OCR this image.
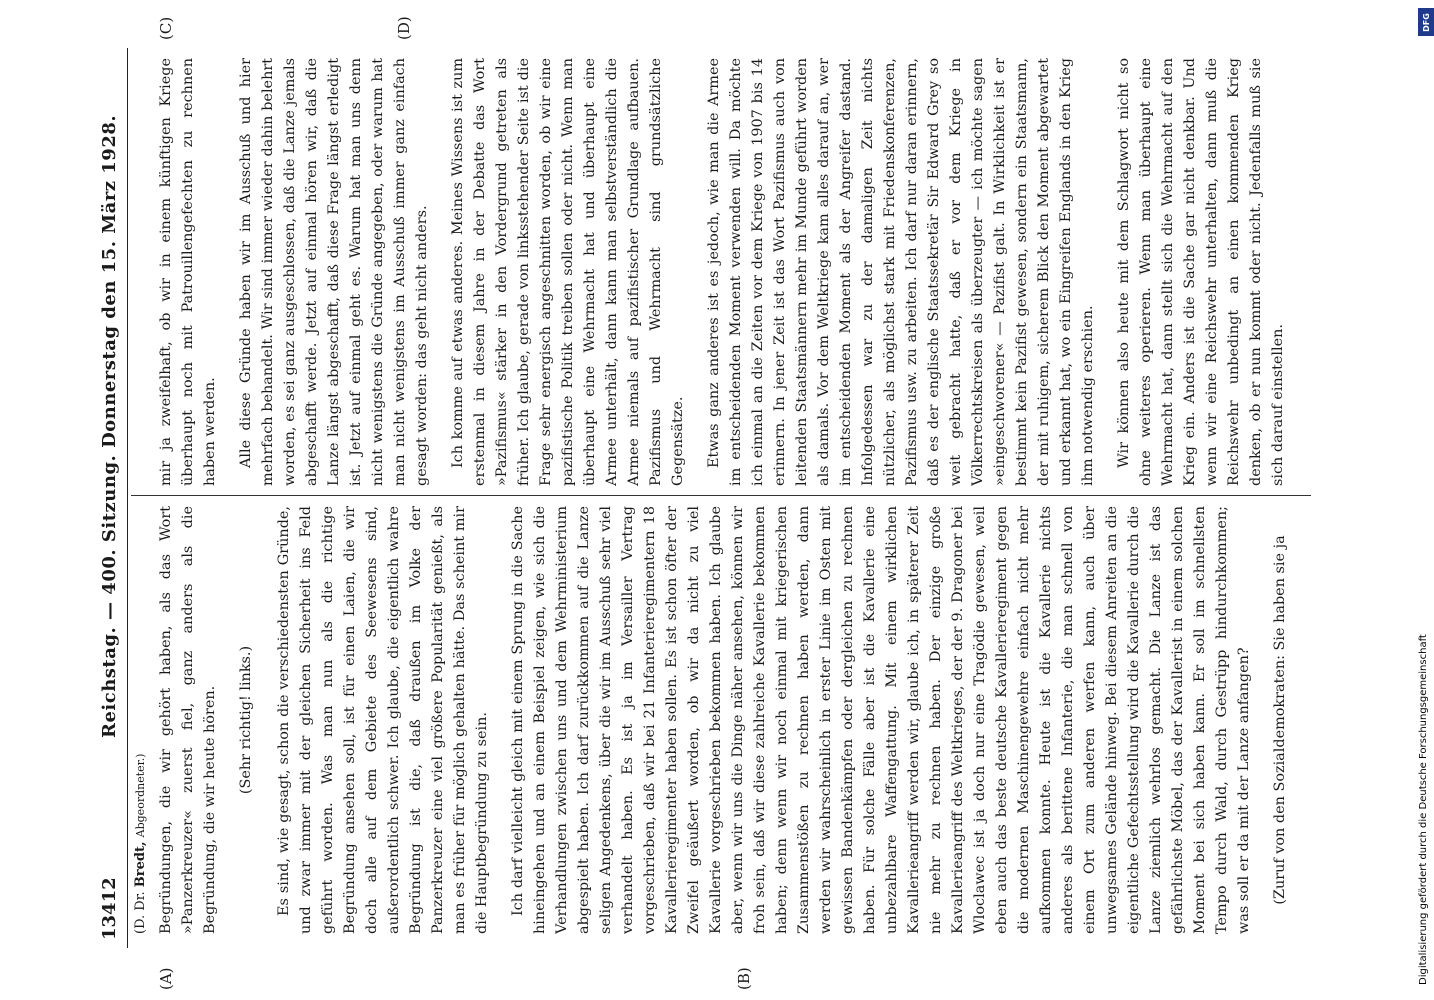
13412
Reichstag. — 400. Sitzung. Donnerstag den 15. März 1928.
(D. Dr. Bredt, Abgeordneter.)
(A)	(B)
(C)	(D)

Begründungen, die wir gehört haben, als das Wort »Panzerkreuzer« zuerst fiel, ganz anders als die Begründung, die wir heute hören. (Sehr richtig! links.) Es sind, wie gesagt, schon die verschiedensten Gründe, und zwar immer mit der gleichen Sicherheit ins Feld geführt worden. Was man nun als die richtige Begründung ansehen soll, ist für einen Laien, die wir doch alle auf dem Gebiete des Seewesens sind, außerordentlich schwer. Ich glaube, die eigentlich wahre Begründung ist die, daß draußen im Volke der Panzerkreuzer eine viel größere Popularität genießt, als man es früher für möglich gehalten hätte. Das scheint mir die Hauptbegründung zu sein. Ich darf vielleicht gleich mit einem Sprung in die Sache hineingehen und an einem Beispiel zeigen, wie sich die Verhandlungen zwischen uns und dem Wehrministerium abgespielt haben. Ich darf zurückkommen auf die Lanze seligen Angedenkens, über die wir im Ausschuß sehr viel verhandelt haben. Es ist ja im Versailler Vertrag vorgeschrieben, daß wir bei 21 Infanterieregimentern 18 Kavallerieregimenter haben sollen. Es ist schon öfter der Zweifel geäußert worden, ob wir da nicht zu viel Kavallerie vorgeschrieben bekommen haben. Ich glaube aber, wenn wir uns die Dinge näher ansehen, können wir froh sein, daß wir diese zahlreiche Kavallerie bekommen haben; denn wenn wir noch einmal mit kriegerischen Zusammenstößen zu rechnen haben werden, dann werden wir wahrscheinlich in erster Linie im Osten mit gewissen Bandenkämpfen oder dergleichen zu rechnen haben. Für solche Fälle aber ist die Kavallerie eine unbezahlbare Waffengattung. Mit einem wirklichen Kavallerieangriff werden wir, glaube ich, in späterer Zeit nie mehr zu rechnen haben. Der einzige große Kavallerieangriff des Weltkrieges, der der 9. Dragoner bei Wloclawec ist ja doch nur eine Tragödie gewesen, weil eben auch das beste deutsche Kavallerieregiment gegen die modernen Maschinengewehre einfach nicht mehr aufkommen konnte. Heute ist die Kavallerie nichts anderes als berittene Infanterie, die man schnell von einem Ort zum anderen werfen kann, auch über unwegsames Gelände hinweg. Bei diesem Anreiten an die eigentliche Gefechtsstellung wird die Kavallerie durch die Lanze ziemlich wehrlos gemacht. Die Lanze ist das gefährlichste Möbel, das der Kavallerist in einem solchen Moment bei sich haben kann. Er soll im schnellsten Tempo durch Wald, durch Gestrüpp hindurchkommen; was soll er da mit der Lanze anfangen? (Zuruf von den Sozialdemokraten: Sie haben sie ja

mir ja zweifelhaft, ob wir in einem künftigen Kriege überhaupt noch mit Patrouillengefechten zu rechnen haben werden. Alle diese Gründe haben wir im Ausschuß und hier mehrfach behandelt. Wir sind immer wieder dahin belehrt worden, es sei ganz ausgeschlossen, daß die Lanze jemals abgeschafft werde. Jetzt auf einmal hören wir, daß die Lanze längst abgeschafft, daß diese Frage längst erledigt ist. Jetzt auf einmal geht es. Warum hat man uns denn nicht wenigstens die Gründe angegeben, oder warum hat man nicht wenigstens im Ausschuß immer ganz einfach gesagt worden: das geht nicht anders. Ich komme auf etwas anderes. Meines Wissens ist zum erstenmal in diesem Jahre in der Debatte das Wort »Pazifismus« stärker in den Vordergrund getreten als früher. Ich glaube, gerade von linksstehender Seite ist die Frage sehr energisch angeschnitten worden, ob wir eine pazifistische Politik treiben sollen oder nicht. Wenn man überhaupt eine Wehrmacht hat und überhaupt eine Armee unterhält, dann kann man selbstverständlich die Armee niemals auf pazifistischer Grundlage aufbauen. Pazifismus und Wehrmacht sind grundsätzliche Gegensätze. Etwas ganz anderes ist es jedoch, wie man die Armee im entscheidenden Moment verwenden will. Da möchte ich einmal an die Zeiten vor dem Kriege von 1907 bis 14 erinnern. In jener Zeit ist das Wort Pazifismus auch von leitenden Staatsmännern mehr im Munde geführt worden als damals. Vor dem Weltkriege kam alles darauf an, wer im entscheidenden Moment als der Angreifer dastand. Infolgedessen war zu der damaligen Zeit nichts nützlicher, als möglichst stark mit Friedenskonferenzen, Pazifismus usw. zu arbeiten. Ich darf nur daran erinnern, daß es der englische Staatssekretär Sir Edward Grey so weit gebracht hatte, daß er vor dem Kriege in Völkerrechtskreisen als überzeugter — ich möchte sagen »eingeschworener« — Pazifist galt. In Wirklichkeit ist er bestimmt kein Pazifist gewesen, sondern ein Staatsmann, der mit ruhigem, sicherem Blick den Moment abgewartet und erkannt hat, wo ein Eingreifen Englands in den Krieg ihm notwendig erschien. Wir können also heute mit dem Schlagwort nicht so ohne weiteres operieren. Wenn man überhaupt eine Wehrmacht hat, dann stellt sich die Wehrmacht auf den Krieg ein. Anders ist die Sache gar nicht denkbar. Und wenn wir eine Reichswehr unterhalten, dann muß die Reichswehr unbedingt an einen kommenden Krieg denken, ob er nun kommt oder nicht. Jedenfalls muß sie sich darauf einstellen.

DFG
Digitalisierung gefördert durch die Deutsche Forschungsgemeinschaft
